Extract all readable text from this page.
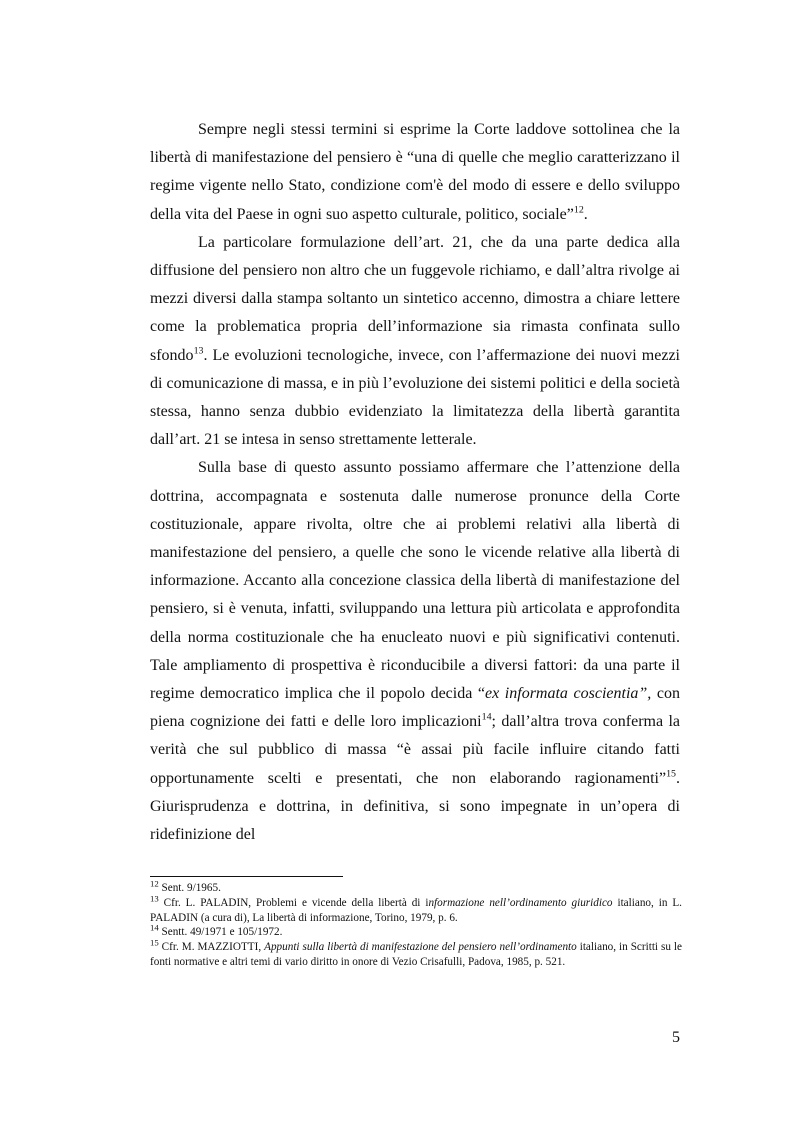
Sempre negli stessi termini si esprime la Corte laddove sottolinea che la libertà di manifestazione del pensiero è “una di quelle che meglio caratterizzano il regime vigente nello Stato, condizione com'è del modo di essere e dello sviluppo della vita del Paese in ogni suo aspetto culturale, politico, sociale”$^{12}$.

La particolare formulazione dell’art. 21, che da una parte dedica alla diffusione del pensiero non altro che un fuggevole richiamo, e dall’altra rivolge ai mezzi diversi dalla stampa soltanto un sintetico accenno, dimostra a chiare lettere come la problematica propria dell’informazione sia rimasta confinata sullo sfondo$^{13}$. Le evoluzioni tecnologiche, invece, con l’affermazione dei nuovi mezzi di comunicazione di massa, e in più l’evoluzione dei sistemi politici e della società stessa, hanno senza dubbio evidenziato la limitatezza della libertà garantita dall’art. 21 se intesa in senso strettamente letterale.

Sulla base di questo assunto possiamo affermare che l’attenzione della dottrina, accompagnata e sostenuta dalle numerose pronunce della Corte costituzionale, appare rivolta, oltre che ai problemi relativi alla libertà di manifestazione del pensiero, a quelle che sono le vicende relative alla libertà di informazione. Accanto alla concezione classica della libertà di manifestazione del pensiero, si è venuta, infatti, sviluppando una lettura più articolata e approfondita della norma costituzionale che ha enucleato nuovi e più significativi contenuti. Tale ampliamento di prospettiva è riconducibile a diversi fattori: da una parte il regime democratico implica che il popolo decida “ex informata coscientia”, con piena cognizione dei fatti e delle loro implicazioni$^{14}$; dall’altra trova conferma la verità che sul pubblico di massa “è assai più facile influire citando fatti opportunamente scelti e presentati, che non elaborando ragionamenti”$^{15}$. Giurisprudenza e dottrina, in definitiva, si sono impegnate in un’opera di ridefinizione del

$^{12}$ Sent. 9/1965.

$^{13}$ Cfr. L. PALADIN, Problemi e vicende della libertà di informazione nell’ordinamento giuridico italiano, in L. PALADIN (a cura di), La libertà di informazione, Torino, 1979, p. 6.

$^{14}$ Sentt. 49/1971 e 105/1972.

$^{15}$ Cfr. M. MAZZIOTTI, Appunti sulla libertà di manifestazione del pensiero nell’ordinamento italiano, in Scritti su le fonti normative e altri temi di vario diritto in onore di Vezio Crisafulli, Padova, 1985, p. 521.

5
